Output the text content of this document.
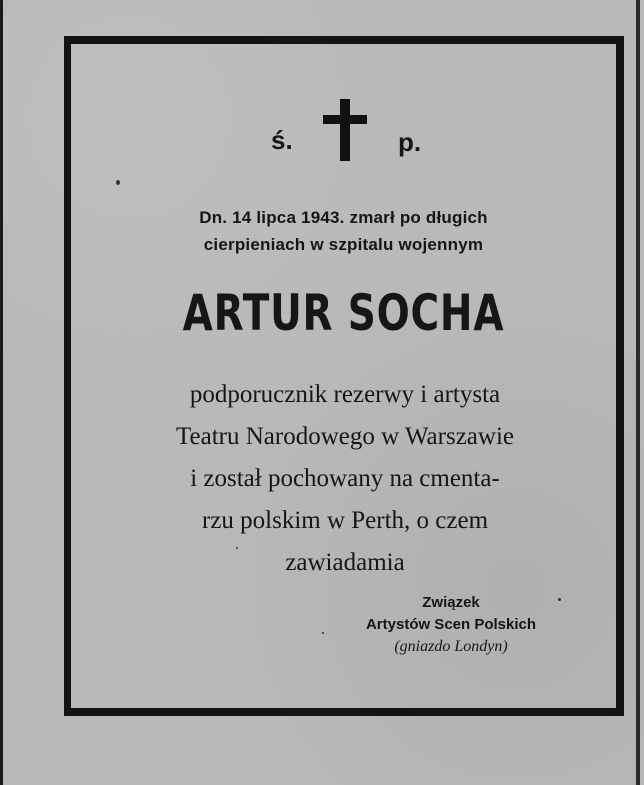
ś.	p.
Dn. 14 lipca 1943. zmarł po długich
cierpieniach w szpitalu wojennym
ARTUR SOCHA
podporucznik rezerwy i artysta
Teatru Narodowego w Warszawie
i został pochowany na cmenta-
rzu polskim w Perth, o czem
zawiadamia
Związek
Artystów Scen Polskich
(gniazdo Londyn)
